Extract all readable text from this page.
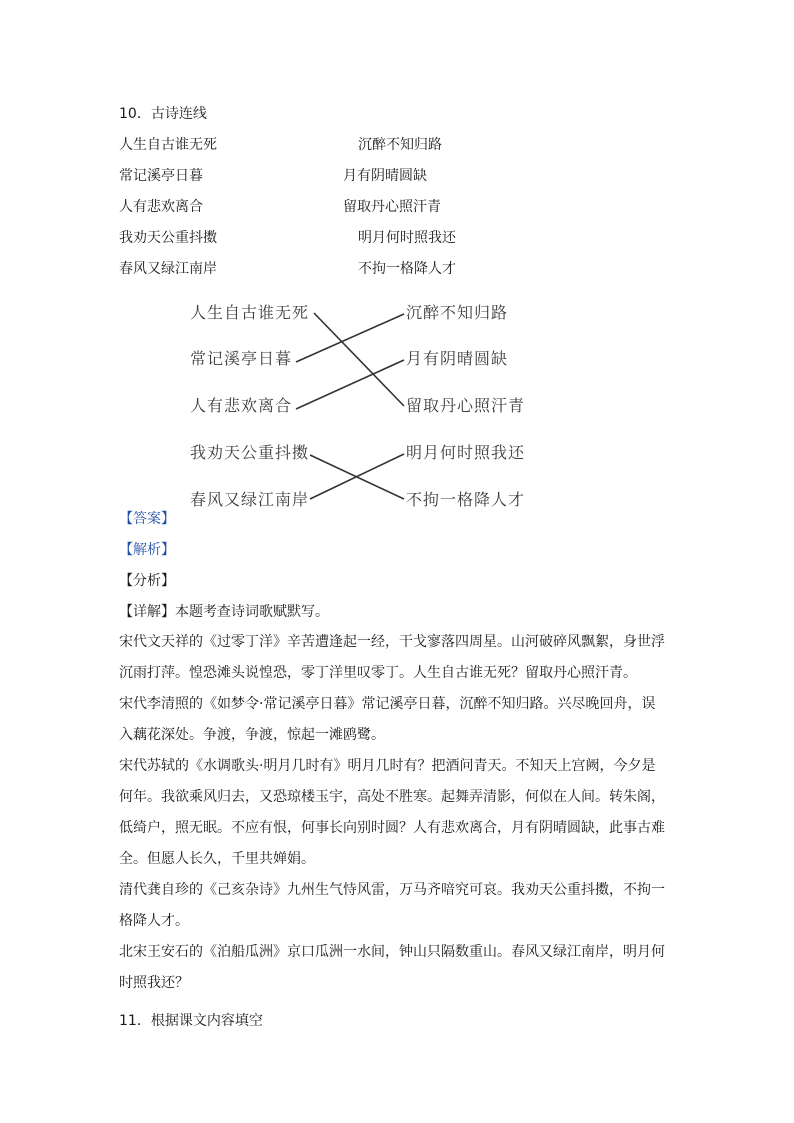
10．古诗连线
人生自古谁无死
常记溪亭日暮
人有悲欢离合
我劝天公重抖擞
春风又绿江南岸
沉醉不知归路
月有阴晴圆缺
留取丹心照汗青
明月何时照我还
不拘一格降人才
人生自古谁无死
常记溪亭日暮
人有悲欢离合
我劝天公重抖擞
春风又绿江南岸
沉醉不知归路
月有阴晴圆缺
留取丹心照汗青
明月何时照我还
不拘一格降人才
【答案】
【解析】
【分析】
【详解】本题考查诗词歌赋默写。
宋代文天祥的《过零丁洋》辛苦遭逢起一经，干戈寥落四周星。山河破碎风飘絮，身世浮
沉雨打萍。惶恐滩头说惶恐，零丁洋里叹零丁。人生自古谁无死？留取丹心照汗青。
宋代李清照的《如梦令·常记溪亭日暮》常记溪亭日暮，沉醉不知归路。兴尽晚回舟，误
入藕花深处。争渡，争渡，惊起一滩鸥鹭。
宋代苏轼的《水调歌头·明月几时有》明月几时有？把酒问青天。不知天上宫阙，今夕是
何年。我欲乘风归去，又恐琼楼玉宇，高处不胜寒。起舞弄清影，何似在人间。转朱阁，
低绮户，照无眠。不应有恨，何事长向别时圆？人有悲欢离合，月有阴晴圆缺，此事古难
全。但愿人长久，千里共婵娟。
清代龚自珍的《己亥杂诗》九州生气恃风雷，万马齐喑究可哀。我劝天公重抖擞，不拘一
格降人才。
北宋王安石的《泊船瓜洲》京口瓜洲一水间，钟山只隔数重山。春风又绿江南岸，明月何
时照我还？
11．根据课文内容填空
